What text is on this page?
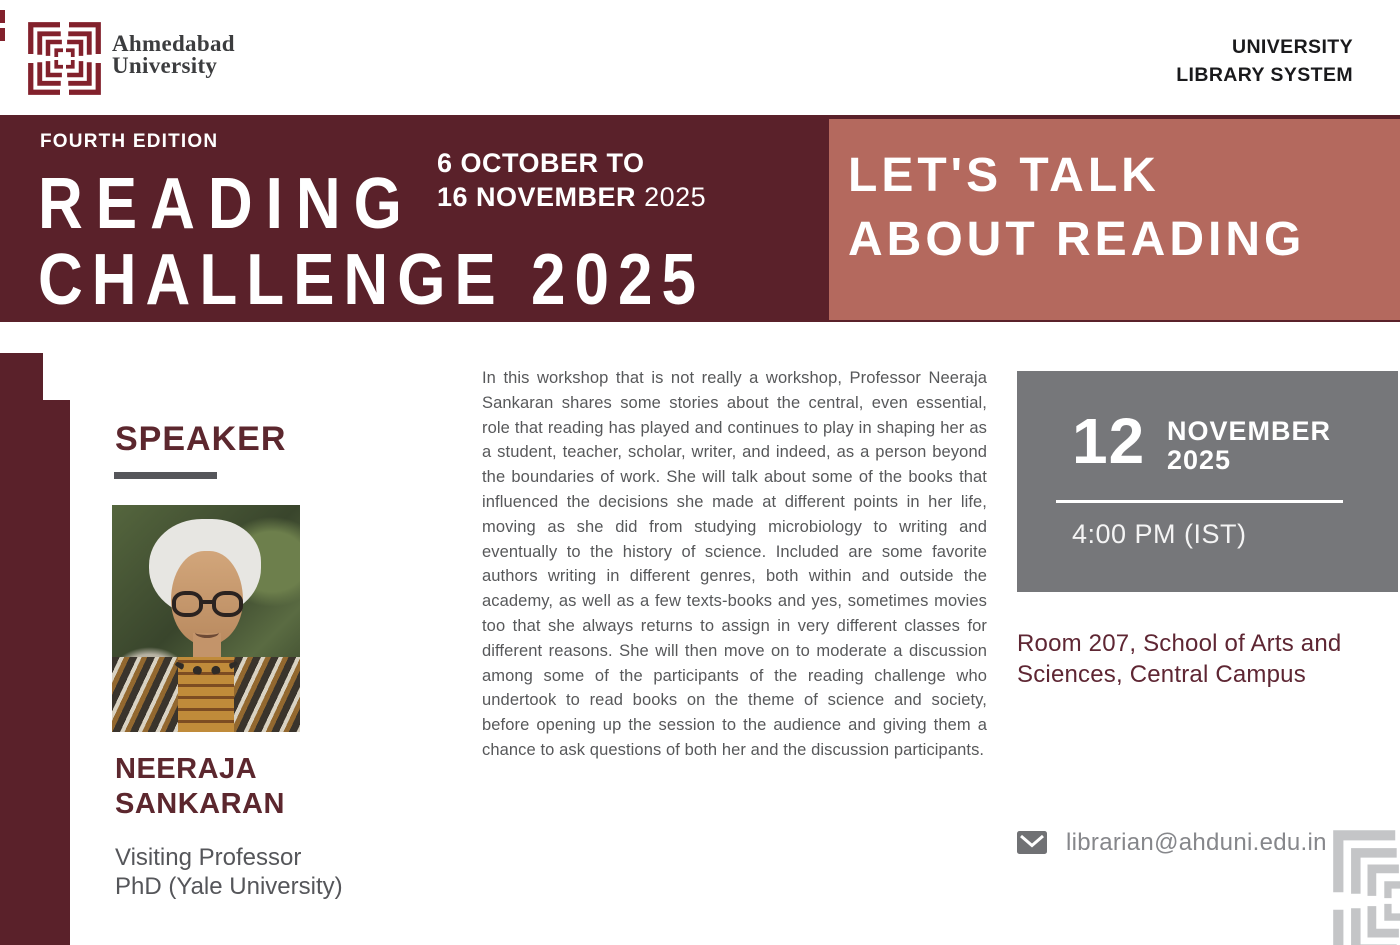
Ahmedabad
University
UNIVERSITY
LIBRARY SYSTEM
LET'S TALK
ABOUT READING
FOURTH EDITION
READING
CHALLENGE 2025
6 OCTOBER TO
16 NOVEMBER 2025
SPEAKER
NEERAJA
SANKARAN
Visiting Professor
PhD (Yale University)

In this workshop that is not really a workshop, Professor Neeraja Sankaran shares some stories about the central, even essential, role that reading has played and continues to play in shaping her as a student, teacher, scholar, writer, and indeed, as a person beyond the boundaries of work. She will talk about some of the books that influenced the decisions she made at different points in her life, moving as she did from studying microbiology to writing and eventually to the history of science. Included are some favorite authors writing in different genres, both within and outside the academy, as well as a few texts-books and yes, sometimes movies too that she always returns to assign in very different classes for different reasons. She will then move on to moderate a discussion among some of the participants of the reading challenge who undertook to read books on the theme of science and society, before opening up the session to the audience and giving them a chance to ask questions of both her and the discussion participants.

12 NOVEMBER
2025
4:00 PM (IST)
Room 207, School of Arts and
Sciences, Central Campus
librarian@ahduni.edu.in
